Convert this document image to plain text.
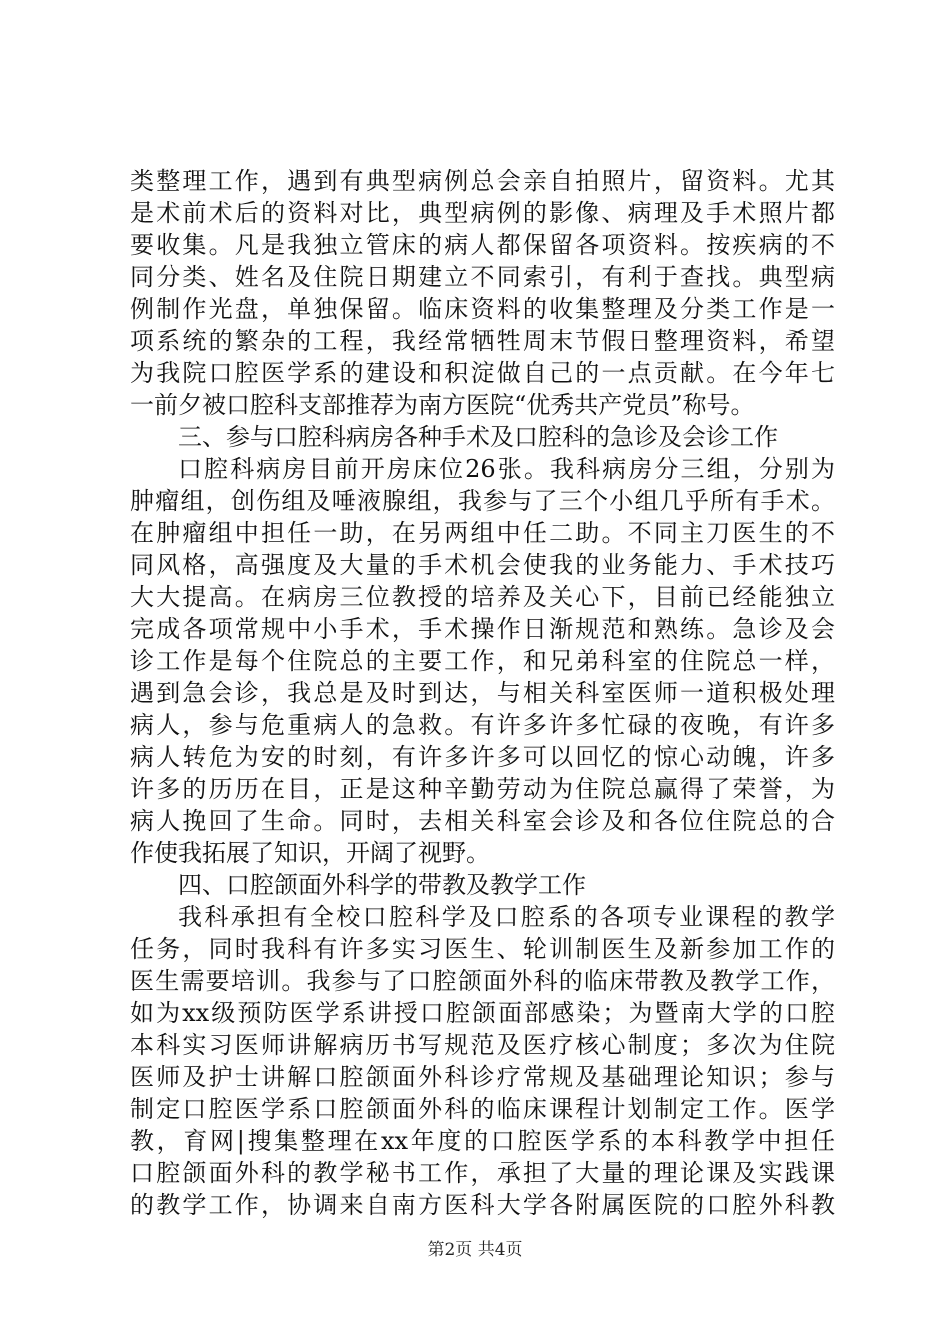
类整理工作，遇到有典型病例总会亲自拍照片，留资料。尤其
是术前术后的资料对比，典型病例的影像、病理及手术照片都
要收集。凡是我独立管床的病人都保留各项资料。按疾病的不
同分类、姓名及住院日期建立不同索引，有利于查找。典型病
例制作光盘，单独保留。临床资料的收集整理及分类工作是一
项系统的繁杂的工程，我经常牺牲周末节假日整理资料，希望
为我院口腔医学系的建设和积淀做自己的一点贡献。在今年七
一前夕被口腔科支部推荐为南方医院“优秀共产党员”称号。
三、参与口腔科病房各种手术及口腔科的急诊及会诊工作
口腔科病房目前开房床位26张。我科病房分三组，分别为
肿瘤组，创伤组及唾液腺组，我参与了三个小组几乎所有手术。
在肿瘤组中担任一助，在另两组中任二助。不同主刀医生的不
同风格，高强度及大量的手术机会使我的业务能力、手术技巧
大大提高。在病房三位教授的培养及关心下，目前已经能独立
完成各项常规中小手术，手术操作日渐规范和熟练。急诊及会
诊工作是每个住院总的主要工作，和兄弟科室的住院总一样，
遇到急会诊，我总是及时到达，与相关科室医师一道积极处理
病人，参与危重病人的急救。有许多许多忙碌的夜晚，有许多
病人转危为安的时刻，有许多许多可以回忆的惊心动魄，许多
许多的历历在目，正是这种辛勤劳动为住院总赢得了荣誉，为
病人挽回了生命。同时，去相关科室会诊及和各位住院总的合
作使我拓展了知识，开阔了视野。
四、口腔颌面外科学的带教及教学工作
我科承担有全校口腔科学及口腔系的各项专业课程的教学
任务，同时我科有许多实习医生、轮训制医生及新参加工作的
医生需要培训。我参与了口腔颌面外科的临床带教及教学工作，
如为xx级预防医学系讲授口腔颌面部感染；为暨南大学的口腔
本科实习医师讲解病历书写规范及医疗核心制度；多次为住院
医师及护士讲解口腔颌面外科诊疗常规及基础理论知识；参与
制定口腔医学系口腔颌面外科的临床课程计划制定工作。医学
教，育网|搜集整理在xx年度的口腔医学系的本科教学中担任
口腔颌面外科的教学秘书工作，承担了大量的理论课及实践课
的教学工作，协调来自南方医科大学各附属医院的口腔外科教
第2页 共4页
